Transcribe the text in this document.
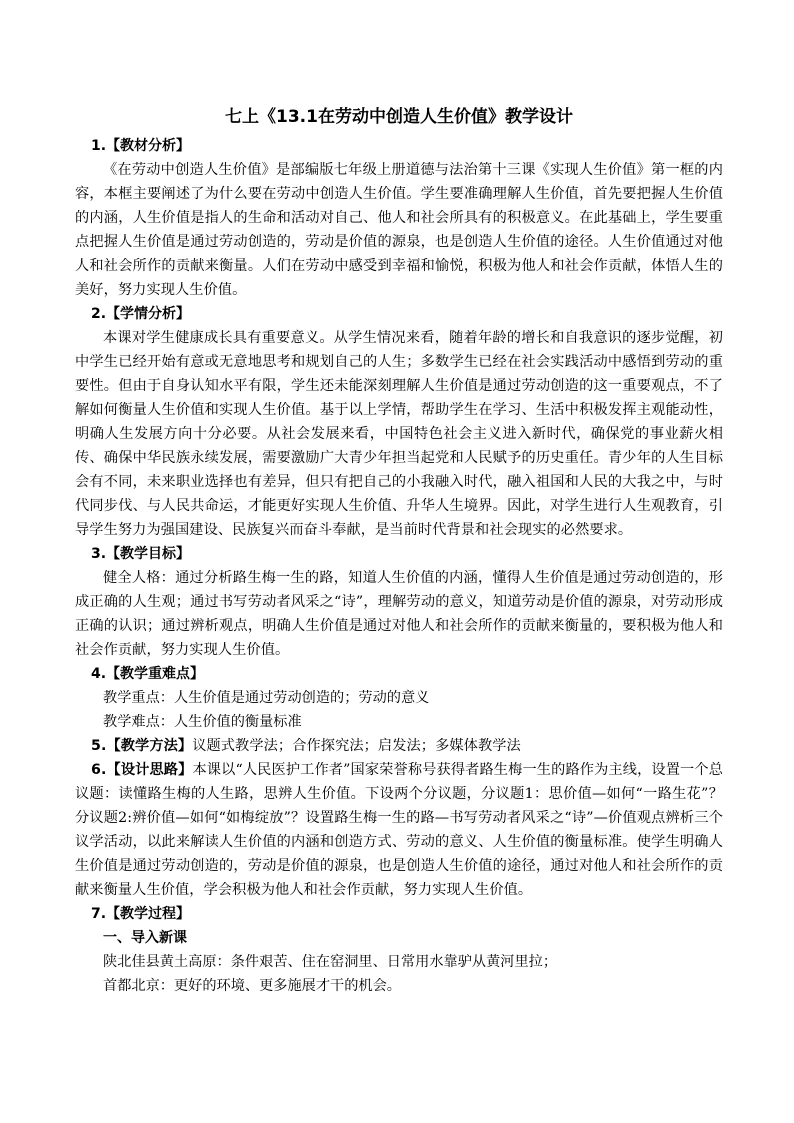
七上《13.1在劳动中创造人生价值》教学设计
1.【教材分析】

《在劳动中创造人生价值》是部编版七年级上册道德与法治第十三课《实现人生价值》第一框的内容，本框主要阐述了为什么要在劳动中创造人生价值。学生要准确理解人生价值，首先要把握人生价值的内涵，人生价值是指人的生命和活动对自己、他人和社会所具有的积极意义。在此基础上，学生要重点把握人生价值是通过劳动创造的，劳动是价值的源泉，也是创造人生价值的途径。人生价值通过对他人和社会所作的贡献来衡量。人们在劳动中感受到幸福和愉悦，积极为他人和社会作贡献，体悟人生的美好，努力实现人生价值。

2.【学情分析】

本课对学生健康成长具有重要意义。从学生情况来看，随着年龄的增长和自我意识的逐步觉醒，初中学生已经开始有意或无意地思考和规划自己的人生；多数学生已经在社会实践活动中感悟到劳动的重要性。但由于自身认知水平有限，学生还未能深刻理解人生价值是通过劳动创造的这一重要观点，不了解如何衡量人生价值和实现人生价值。基于以上学情，帮助学生在学习、生活中积极发挥主观能动性，明确人生发展方向十分必要。从社会发展来看，中国特色社会主义进入新时代，确保党的事业薪火相传、确保中华民族永续发展，需要激励广大青少年担当起党和人民赋予的历史重任。青少年的人生目标会有不同，未来职业选择也有差异，但只有把自己的小我融入时代，融入祖国和人民的大我之中，与时代同步伐、与人民共命运，才能更好实现人生价值、升华人生境界。因此，对学生进行人生观教育，引导学生努力为强国建设、民族复兴而奋斗奉献，是当前时代背景和社会现实的必然要求。

3.【教学目标】

健全人格：通过分析路生梅一生的路，知道人生价值的内涵，懂得人生价值是通过劳动创造的，形成正确的人生观；通过书写劳动者风采之“诗”，理解劳动的意义，知道劳动是价值的源泉，对劳动形成正确的认识；通过辨析观点，明确人生价值是通过对他人和社会所作的贡献来衡量的，要积极为他人和社会作贡献，努力实现人生价值。

4.【教学重难点】

教学重点：人生价值是通过劳动创造的；劳动的意义

教学难点：人生价值的衡量标准

5.【教学方法】议题式教学法；合作探究法；启发法；多媒体教学法

6.【设计思路】本课以“人民医护工作者”国家荣誉称号获得者路生梅一生的路作为主线，设置一个总议题：读懂路生梅的人生路，思辨人生价值。下设两个分议题，分议题1：思价值—如何“一路生花”？分议题2:辨价值—如何“如梅绽放”？设置路生梅一生的路—书写劳动者风采之“诗”—价值观点辨析三个议学活动，以此来解读人生价值的内涵和创造方式、劳动的意义、人生价值的衡量标准。使学生明确人生价值是通过劳动创造的，劳动是价值的源泉，也是创造人生价值的途径，通过对他人和社会所作的贡献来衡量人生价值，学会积极为他人和社会作贡献，努力实现人生价值。

7.【教学过程】
一、导入新课

陕北佳县黄土高原：条件艰苦、住在窑洞里、日常用水靠驴从黄河里拉；

首都北京：更好的环境、更多施展才干的机会。
